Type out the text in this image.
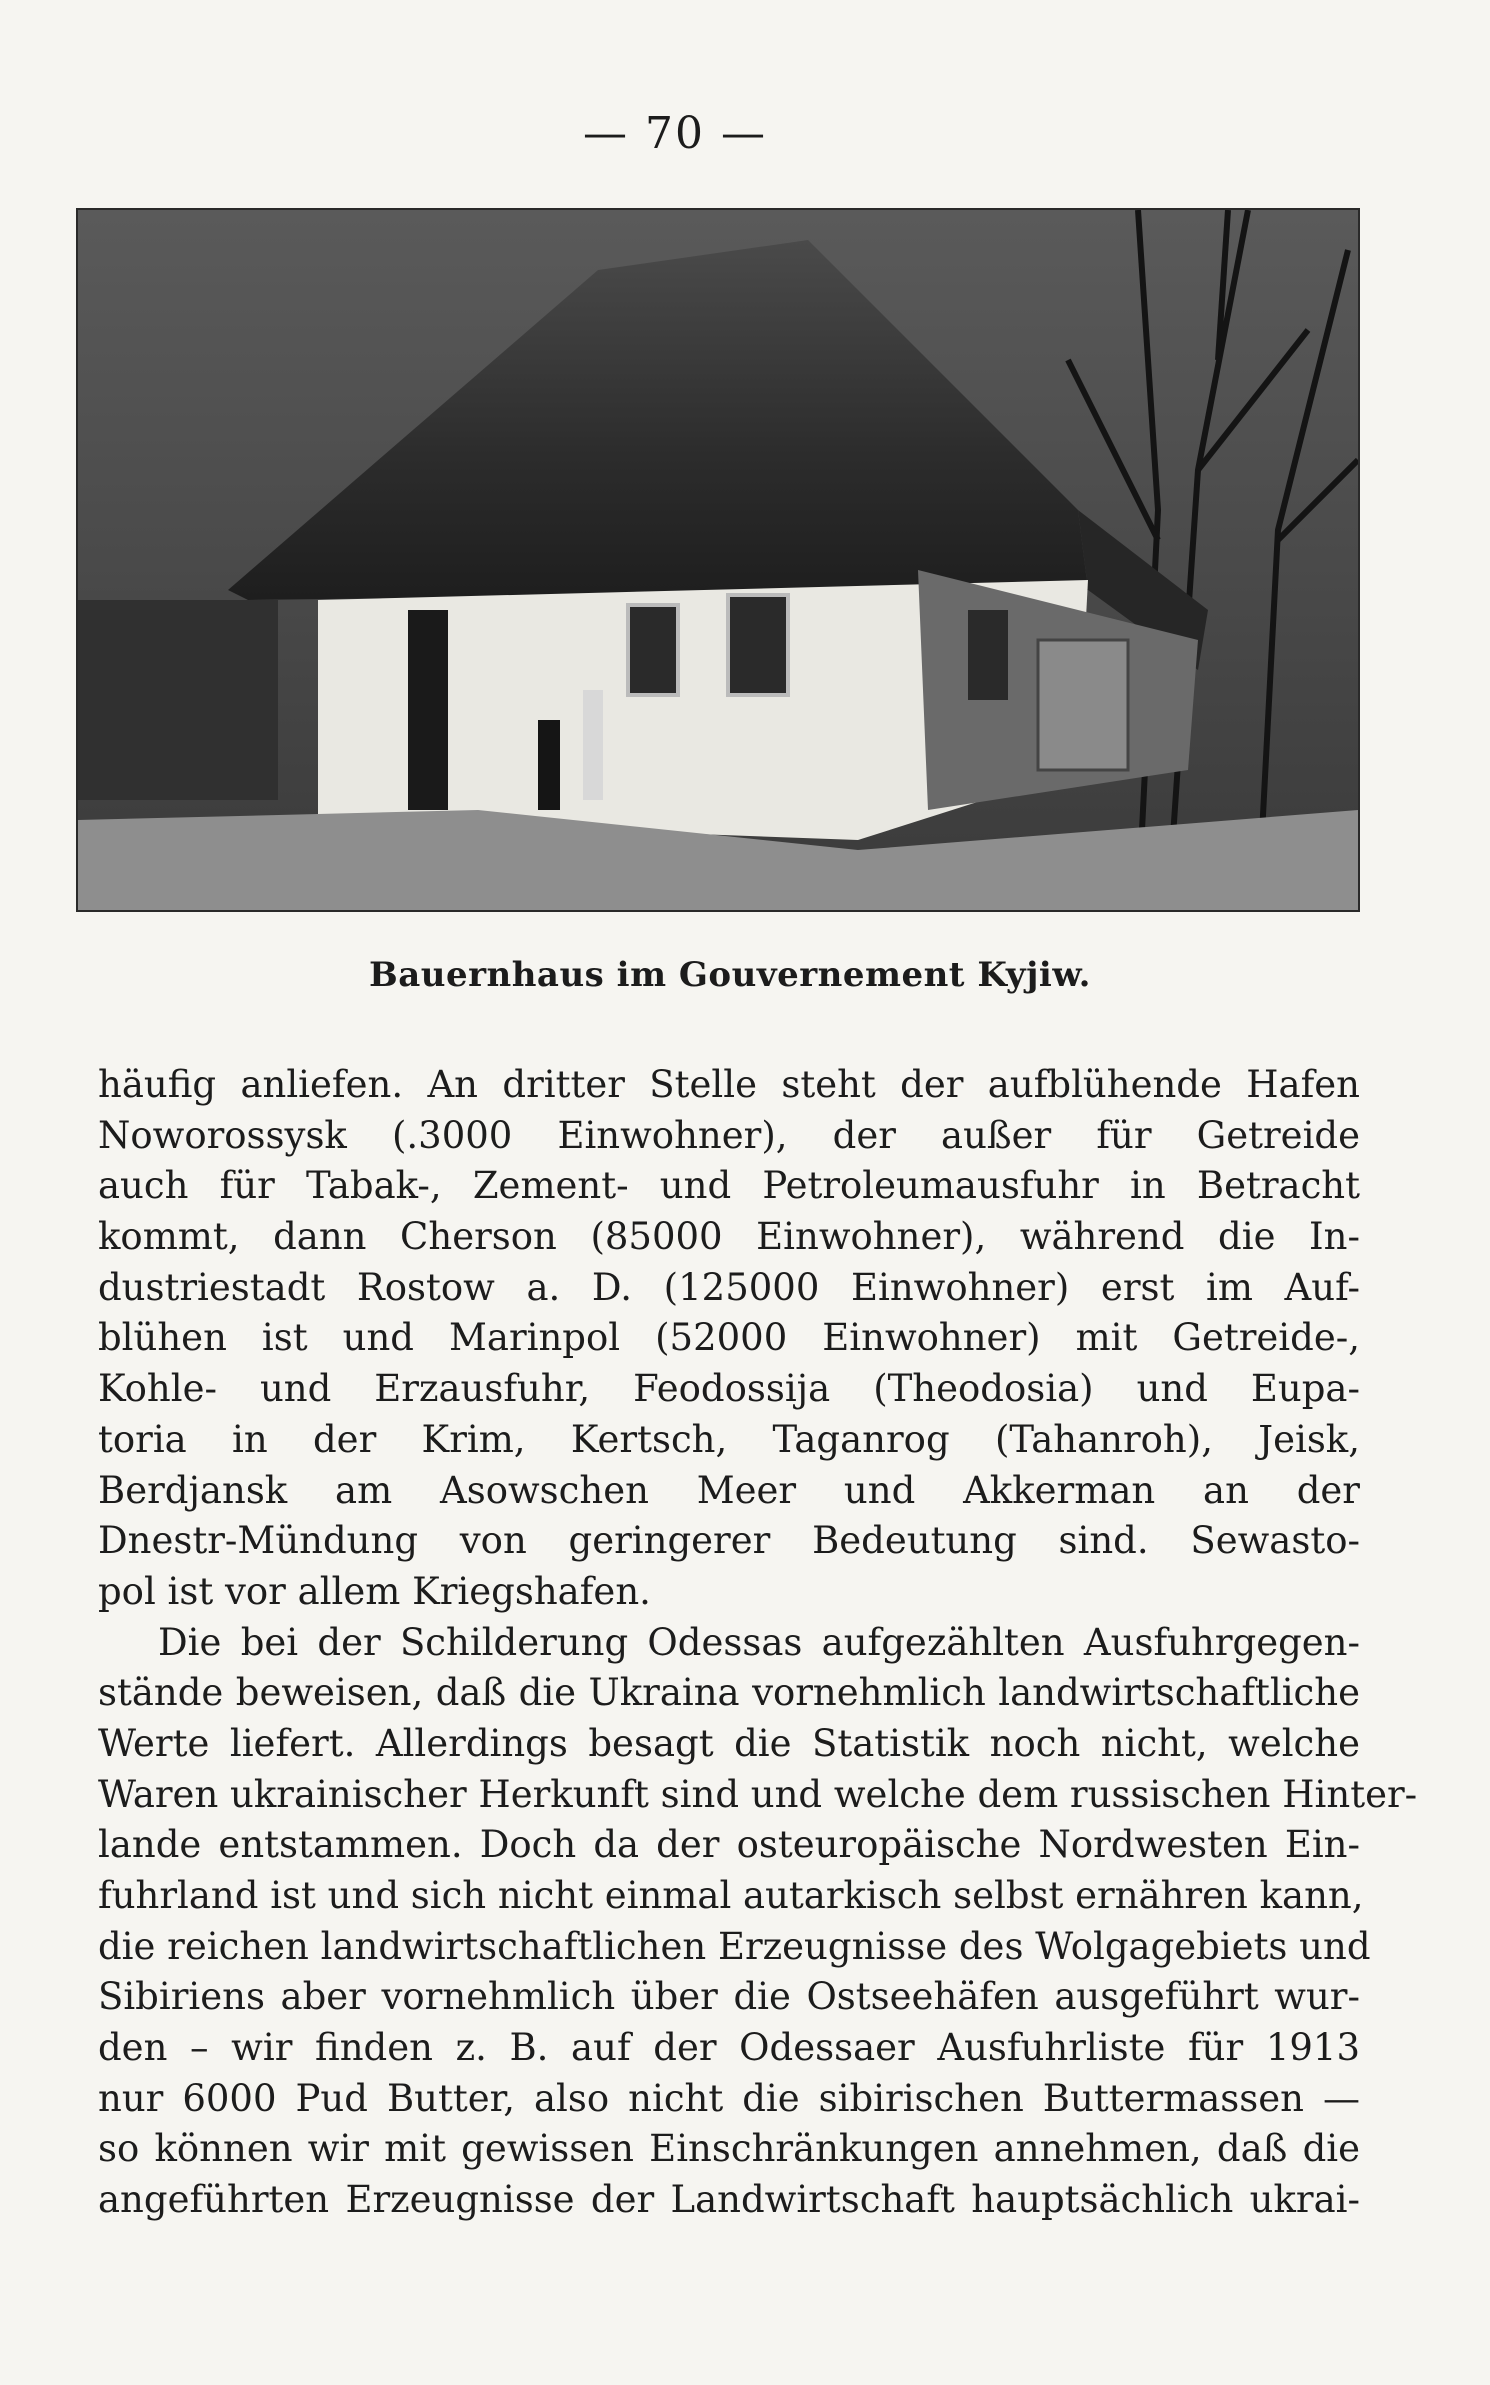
— 70 —
Bauernhaus im Gouvernement Kyjiw.
häufig anliefen. An dritter Stelle steht der aufblühende Hafen
Noworossysk (.3000 Einwohner), der außer für Getreide
auch für Tabak-, Zement- und Petroleumausfuhr in Betracht
kommt, dann Cherson (85000 Einwohner), während die In-
dustriestadt Rostow a. D. (125000 Einwohner) erst im Auf-
blühen ist und Marinpol (52000 Einwohner) mit Getreide-,
Kohle- und Erzausfuhr, Feodossija (Theodosia) und Eupa-
toria in der Krim, Kertsch, Taganrog (Tahanroh), Jeisk,
Berdjansk am Asowschen Meer und Akkerman an der
Dnestr-Mündung von geringerer Bedeutung sind. Sewasto-
pol ist vor allem Kriegshafen.
Die bei der Schilderung Odessas aufgezählten Ausfuhrgegen-
stände beweisen, daß die Ukraina vornehmlich landwirtschaftliche
Werte liefert. Allerdings besagt die Statistik noch nicht, welche
Waren ukrainischer Herkunft sind und welche dem russischen Hinter-
lande entstammen. Doch da der osteuropäische Nordwesten Ein-
fuhrland ist und sich nicht einmal autarkisch selbst ernähren kann,
die reichen landwirtschaftlichen Erzeugnisse des Wolgagebiets und
Sibiriens aber vornehmlich über die Ostseehäfen ausgeführt wur-
den – wir finden z. B. auf der Odessaer Ausfuhrliste für 1913
nur 6000 Pud Butter, also nicht die sibirischen Buttermassen —
so können wir mit gewissen Einschränkungen annehmen, daß die
angeführten Erzeugnisse der Landwirtschaft hauptsächlich ukrai-
